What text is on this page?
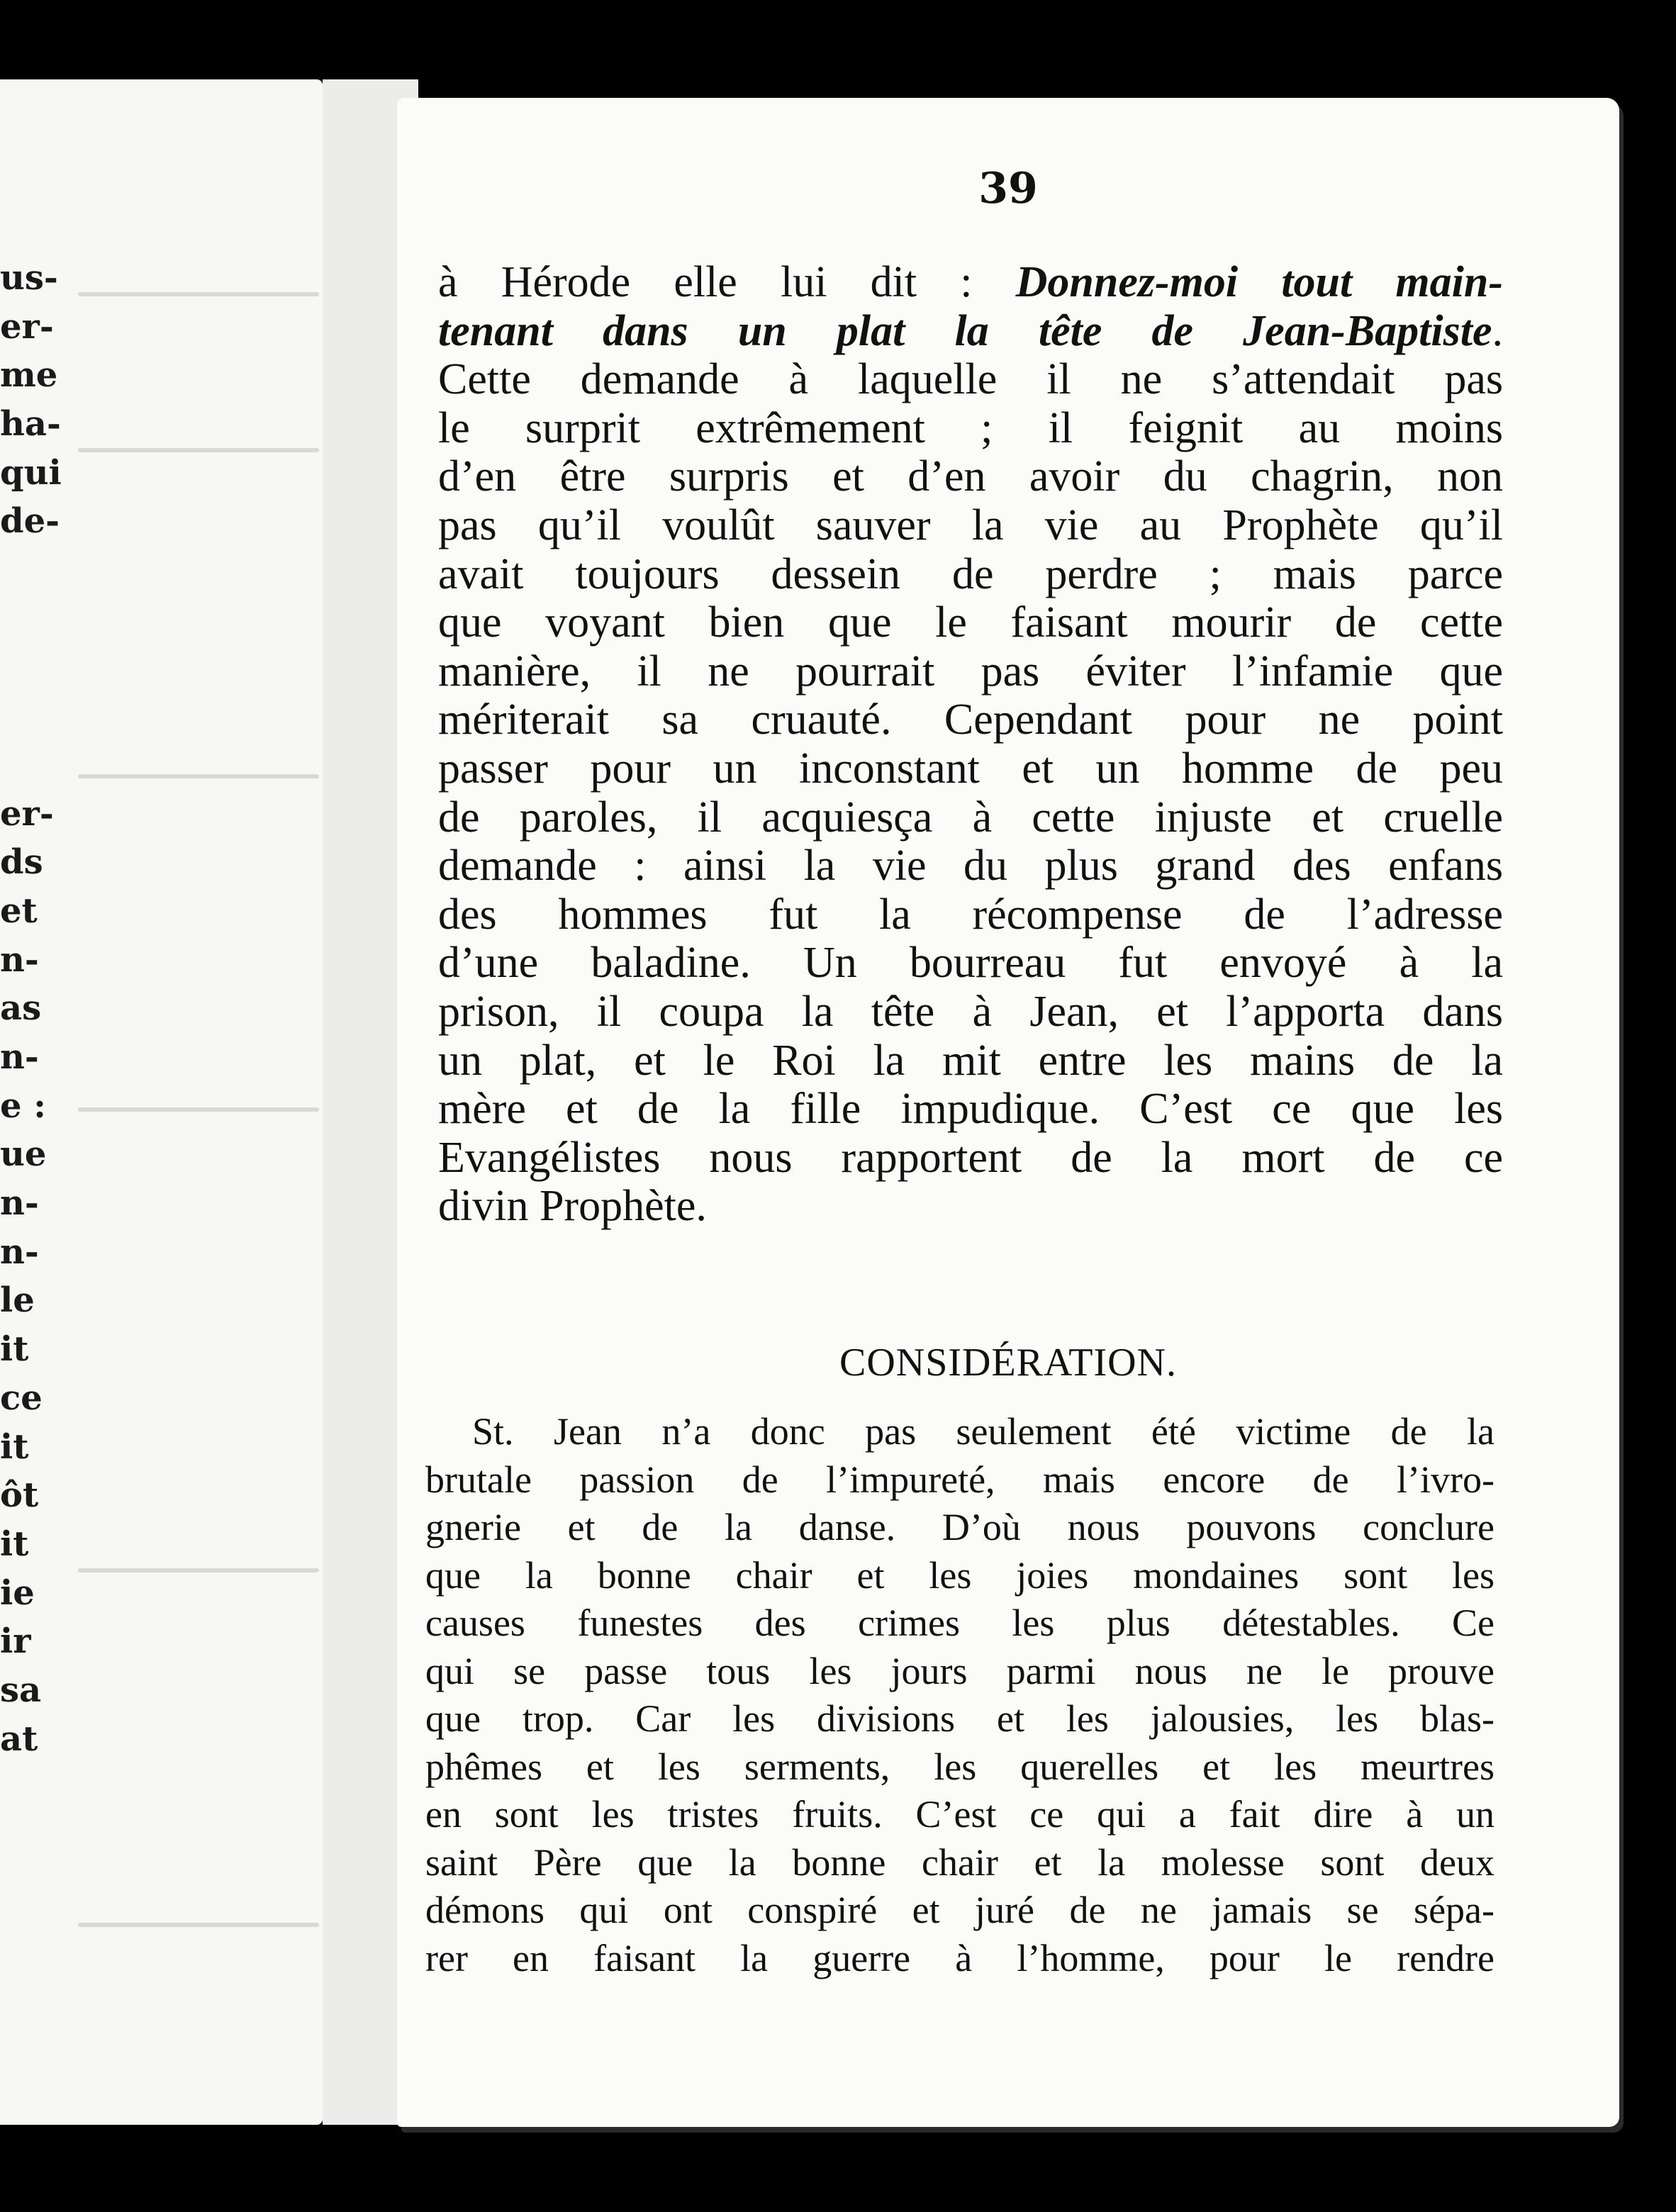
us-
er-
me
ha-
qui
de-
er-
ds
et
n-
as
n-
e :
ue
n-
n-
le
it
ce
it
ôt
it
ie
ir
sa
at
39
à Hérode elle lui dit : Donnez-moi tout main-
tenant dans un plat la tête de Jean-Baptiste.
Cette demande à laquelle il ne s’attendait pas
le surprit extrêmement ; il feignit au moins
d’en être surpris et d’en avoir du chagrin, non
pas qu’il voulût sauver la vie au Prophète qu’il
avait toujours dessein de perdre ; mais parce
que voyant bien que le faisant mourir de cette
manière, il ne pourrait pas éviter l’infamie que
mériterait sa cruauté. Cependant pour ne point
passer pour un inconstant et un homme de peu
de paroles, il acquiesça à cette injuste et cruelle
demande : ainsi la vie du plus grand des enfans
des hommes fut la récompense de l’adresse
d’une baladine. Un bourreau fut envoyé à la
prison, il coupa la tête à Jean, et l’apporta dans
un plat, et le Roi la mit entre les mains de la
mère et de la fille impudique. C’est ce que les
Evangélistes nous rapportent de la mort de ce
divin Prophète.
CONSIDÉRATION.
St. Jean n’a donc pas seulement été victime de la
brutale passion de l’impureté, mais encore de l’ivro-
gnerie et de la danse. D’où nous pouvons conclure
que la bonne chair et les joies mondaines sont les
causes funestes des crimes les plus détestables. Ce
qui se passe tous les jours parmi nous ne le prouve
que trop. Car les divisions et les jalousies, les blas-
phêmes et les serments, les querelles et les meurtres
en sont les tristes fruits. C’est ce qui a fait dire à un
saint Père que la bonne chair et la molesse sont deux
démons qui ont conspiré et juré de ne jamais se sépa-
rer en faisant la guerre à l’homme, pour le rendre
